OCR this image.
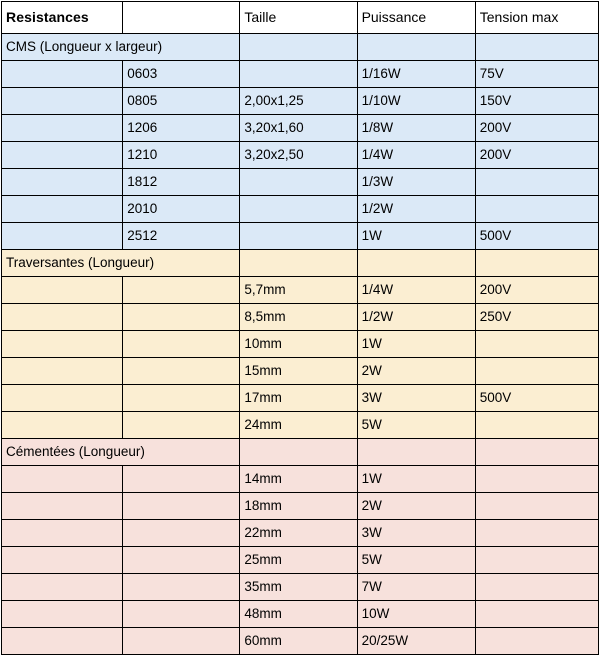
Resistances		Taille	Puissance	Tension max
CMS (Longueur x largeur)				
	0603		1/16W	75V
	0805	2,00x1,25	1/10W	150V
	1206	3,20x1,60	1/8W	200V
	1210	3,20x2,50	1/4W	200V
	1812		1/3W	
	2010		1/2W	
	2512		1W	500V
Traversantes (Longueur)				
		5,7mm	1/4W	200V
		8,5mm	1/2W	250V
		10mm	1W	
		15mm	2W	
		17mm	3W	500V
		24mm	5W	
Cémentées (Longueur)				
		14mm	1W	
		18mm	2W	
		22mm	3W	
		25mm	5W	
		35mm	7W	
		48mm	10W	
		60mm	20/25W	
